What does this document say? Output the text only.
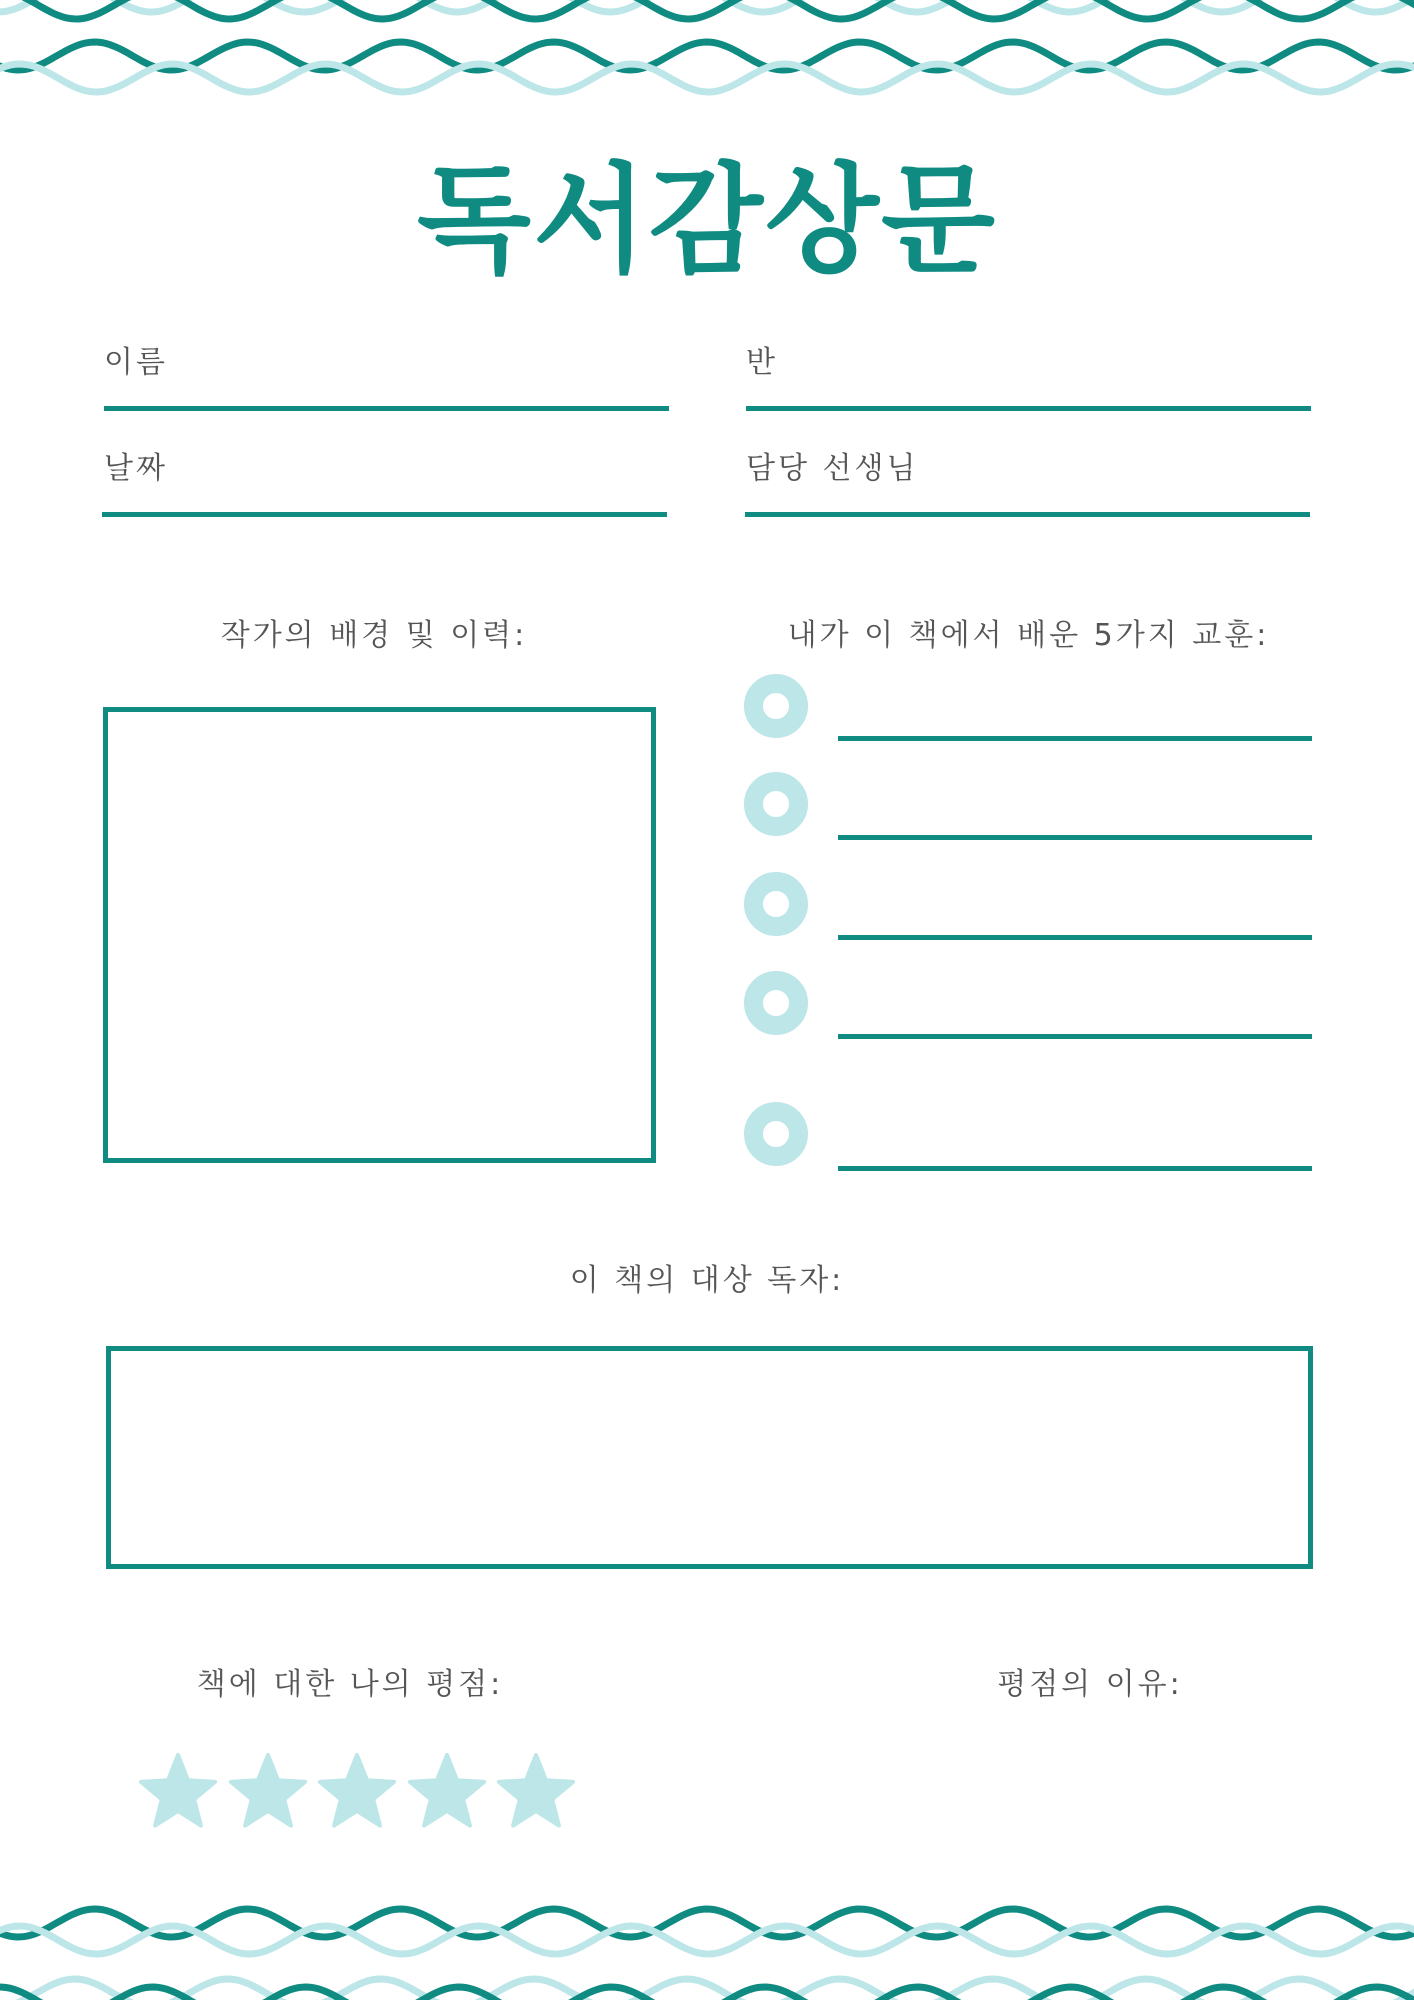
독서감상문
이름	반
날짜	담당 선생님
작가의 배경 및 이력:	내가 이 책에서 배운 5가지 교훈:
이 책의 대상 독자:
책에 대한 나의 평점:	평점의 이유:
